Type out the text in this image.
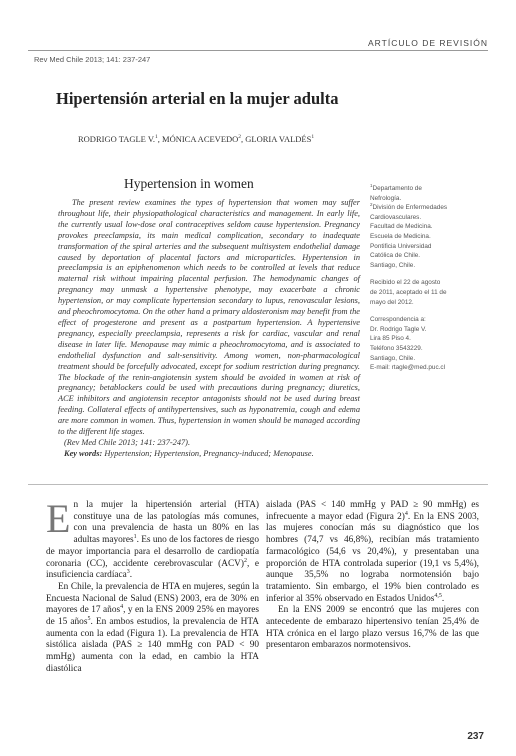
ARTÍCULO DE REVISIÓN
Rev Med Chile 2013; 141: 237-247
Hipertensión arterial en la mujer adulta
RODRIGO TAGLE V.$^1$, MÓNICA ACEVEDO$^2$, GLORIA VALDÉS$^1$
Hypertension in women

The present review examines the types of hypertension that women may suffer throughout life, their physiopathological characteristics and management. In early life, the currently usual low-dose oral contraceptives seldom cause hypertension. Pregnancy provokes preeclampsia, its main medical complication, secondary to inadequate transformation of the spiral arteries and the subsequent multisystem endothelial damage caused by deportation of placental factors and microparticles. Hypertension in preeclampsia is an epiphenomenon which needs to be controlled at levels that reduce maternal risk without impairing placental perfusion. The hemodynamic changes of pregnancy may unmask a hypertensive phenotype, may exacerbate a chronic hypertension, or may complicate hypertension secondary to lupus, renovascular lesions, and pheochromocytoma. On the other hand a primary aldosteronism may benefit from the effect of progesterone and present as a postpartum hypertension. A hypertensive pregnancy, especially preeclampsia, represents a risk for cardiac, vascular and renal disease in later life. Menopause may mimic a pheochromocytoma, and is associated to endothelial dysfunction and salt-sensitivity. Among women, non-pharmacological treatment should be forcefully advocated, except for sodium restriction during pregnancy. The blockade of the renin-angiotensin system should be avoided in women at risk of pregnancy; betablockers could be used with precautions during pregnancy; diuretics, ACE inhibitors and angiotensin receptor antagonists should not be used during breast feeding. Collateral effects of antihypertensives, such as hyponatremia, cough and edema are more common in women. Thus, hypertension in women should be managed according to the different life stages.

(Rev Med Chile 2013; 141: 237-247).

Key words: Hypertension; Hypertension, Pregnancy-induced; Menopause.

$^1$Departamento de
Nefrología.
$^2$División de Enfermedades
Cardiovasculares.
Facultad de Medicina.
Escuela de Medicina.
Pontificia Universidad
Católica de Chile.
Santiago, Chile.
Recibido el 22 de agosto
de 2011, aceptado el 11 de
mayo del 2012.
Correspondencia a:
Dr. Rodrigo Tagle V.
Lira 85 Piso 4.
Teléfono 3543229.
Santiago, Chile.
E-mail: rtagle@med.puc.cl

En la mujer la hipertensión arterial (HTA) constituye una de las patologías más comunes, con una prevalencia de hasta un 80% en las adultas mayores$^1$. Es uno de los factores de riesgo de mayor importancia para el desarrollo de cardiopatía coronaria (CC), accidente cerebrovascular (ACV)$^2$, e insuficiencia cardíaca$^3$.

En Chile, la prevalencia de HTA en mujeres, según la Encuesta Nacional de Salud (ENS) 2003, era de 30% en mayores de 17 años$^4$, y en la ENS 2009 25% en mayores de 15 años$^5$. En ambos estudios, la prevalencia de HTA aumenta con la edad (Figura 1). La prevalencia de HTA sistólica aislada (PAS ≥ 140 mmHg con PAD < 90 mmHg) aumenta con la edad, en cambio la HTA diastólica

aislada (PAS < 140 mmHg y PAD ≥ 90 mmHg) es infrecuente a mayor edad (Figura 2)$^4$. En la ENS 2003, las mujeres conocían más su diagnóstico que los hombres (74,7 vs 46,8%), recibían más tratamiento farmacológico (54,6 vs 20,4%), y presentaban una proporción de HTA controlada superior (19,1 vs 5,4%), aunque 35,5% no lograba normotensión bajo tratamiento. Sin embargo, el 19% bien controlado es inferior al 35% observado en Estados Unidos$^{4,5}$.

En la ENS 2009 se encontró que las mujeres con antecedente de embarazo hipertensivo tenían 25,4% de HTA crónica en el largo plazo versus 16,7% de las que presentaron embarazos normotensivos.

237
